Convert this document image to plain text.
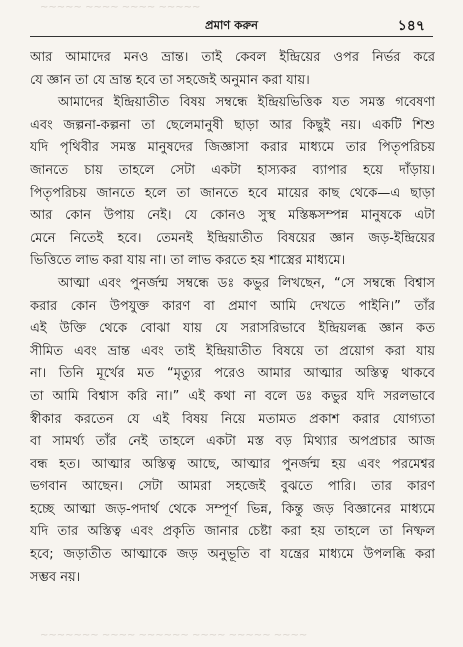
~~~~~ ~~~~ ~~~~ ~~~~~
প্রমাণ করুন	১৪৭
আর আমাদের মনও ভ্রান্ত। তাই কেবল ইন্দ্রিয়ের ওপর নির্ভর করে
যে জ্ঞান তা যে ভ্রান্ত হবে তা সহজেই অনুমান করা যায়।
আমাদের ইন্দ্রিয়াতীত বিষয় সম্বন্ধে ইন্দ্রিয়ভিত্তিক যত সমস্ত গবেষণা
এবং জল্পনা-কল্পনা তা ছেলেমানুষী ছাড়া আর কিছুই নয়। একটি শিশু
যদি পৃথিবীর সমস্ত মানুষদের জিজ্ঞাসা করার মাধ্যমে তার পিতৃপরিচয়
জানতে চায় তাহলে সেটা একটা হাস্যকর ব্যাপার হয়ে দাঁড়ায়।
পিতৃপরিচয় জানতে হলে তা জানতে হবে মায়ের কাছ থেকে—এ ছাড়া
আর কোন উপায় নেই। যে কোনও সুস্থ মস্তিষ্কসম্পন্ন মানুষকে এটা
মেনে নিতেই হবে। তেমনই ইন্দ্রিয়াতীত বিষয়ের জ্ঞান জড়-ইন্দ্রিয়ের
ভিত্তিতে লাভ করা যায় না। তা লাভ করতে হয় শাস্ত্রের মাধ্যমে।
আত্মা এবং পুনর্জন্ম সম্বন্ধে ডঃ কভুর লিখছেন, “সে সম্বন্ধে বিশ্বাস
করার কোন উপযুক্ত কারণ বা প্রমাণ আমি দেখতে পাইনি।” তাঁর
এই উক্তি থেকে বোঝা যায় যে সরাসরিভাবে ইন্দ্রিয়লব্ধ জ্ঞান কত
সীমিত এবং ভ্রান্ত এবং তাই ইন্দ্রিয়াতীত বিষয়ে তা প্রয়োগ করা যায়
না। তিনি মূর্খের মত “মৃত্যুর পরেও আমার আত্মার অস্তিত্ব থাকবে
তা আমি বিশ্বাস করি না।” এই কথা না বলে ডঃ কভুর যদি সরলভাবে
স্বীকার করতেন যে এই বিষয় নিয়ে মতামত প্রকাশ করার যোগ্যতা
বা সামর্থ্য তাঁর নেই তাহলে একটা মস্ত বড় মিথ্যার অপপ্রচার আজ
বন্ধ হত। আত্মার অস্তিত্ব আছে, আত্মার পুনর্জন্ম হয় এবং পরমেশ্বর
ভগবান আছেন। সেটা আমরা সহজেই বুঝতে পারি। তার কারণ
হচ্ছে আত্মা জড়-পদার্থ থেকে সম্পূর্ণ ভিন্ন, কিন্তু জড় বিজ্ঞানের মাধ্যমে
যদি তার অস্তিত্ব এবং প্রকৃতি জানার চেষ্টা করা হয় তাহলে তা নিষ্ফল
হবে; জড়াতীত আত্মাকে জড় অনুভূতি বা যন্ত্রের মাধ্যমে উপলব্ধি করা
সম্ভব নয়।
~~~~~~~ ~~~~ ~~~~~~ ~~~~ ~~~~~ ~~~~
